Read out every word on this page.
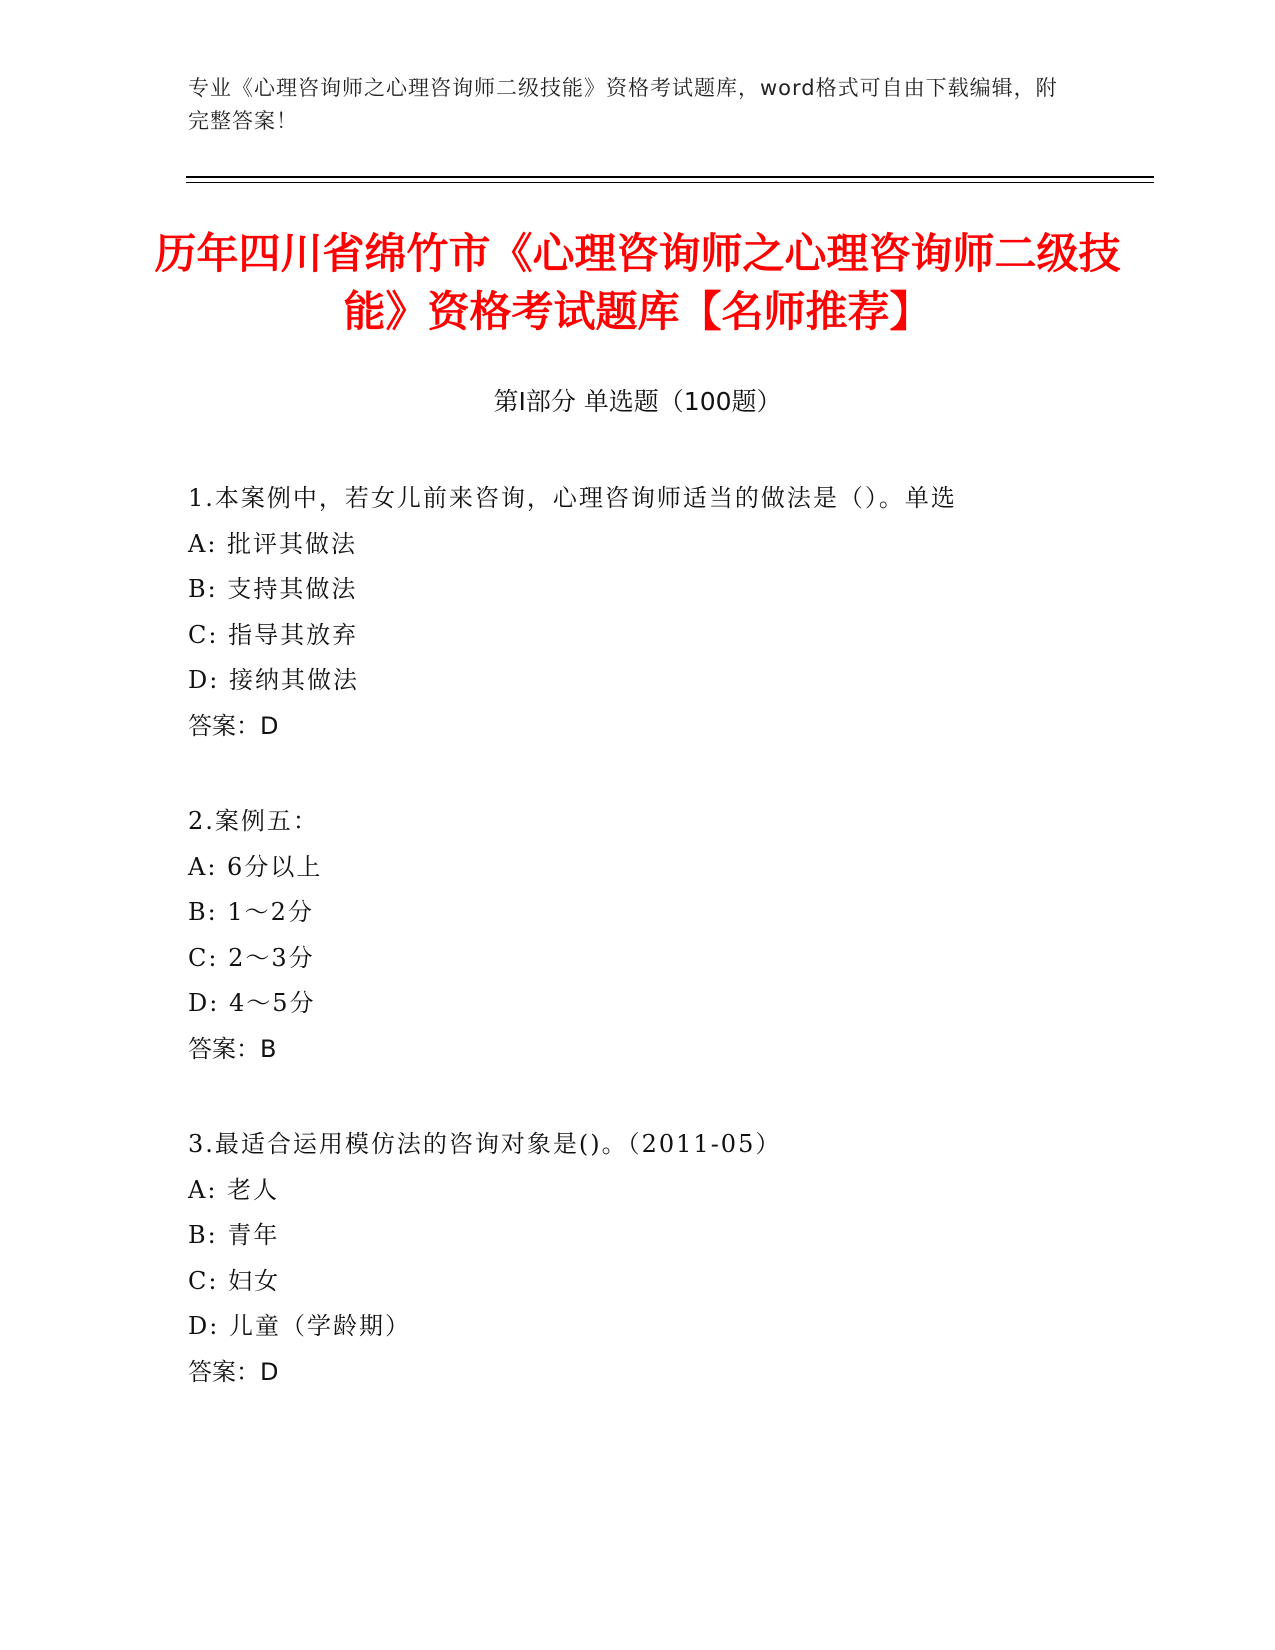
专业《心理咨询师之心理咨询师二级技能》资格考试题库，word格式可自由下载编辑，附完整答案！
历年四川省绵竹市《心理咨询师之心理咨询师二级技能》资格考试题库【名师推荐】
第I部分 单选题（100题）
1.本案例中，若女儿前来咨询，心理咨询师适当的做法是（）。单选
A: 批评其做法
B: 支持其做法
C: 指导其放弃
D: 接纳其做法
答案：D
2.案例五：
A: 6分以上
B: 1～2分
C: 2～3分
D: 4～5分
答案：B
3.最适合运用模仿法的咨询对象是()。（2011-05）
A: 老人
B: 青年
C: 妇女
D: 儿童（学龄期）
答案：D
